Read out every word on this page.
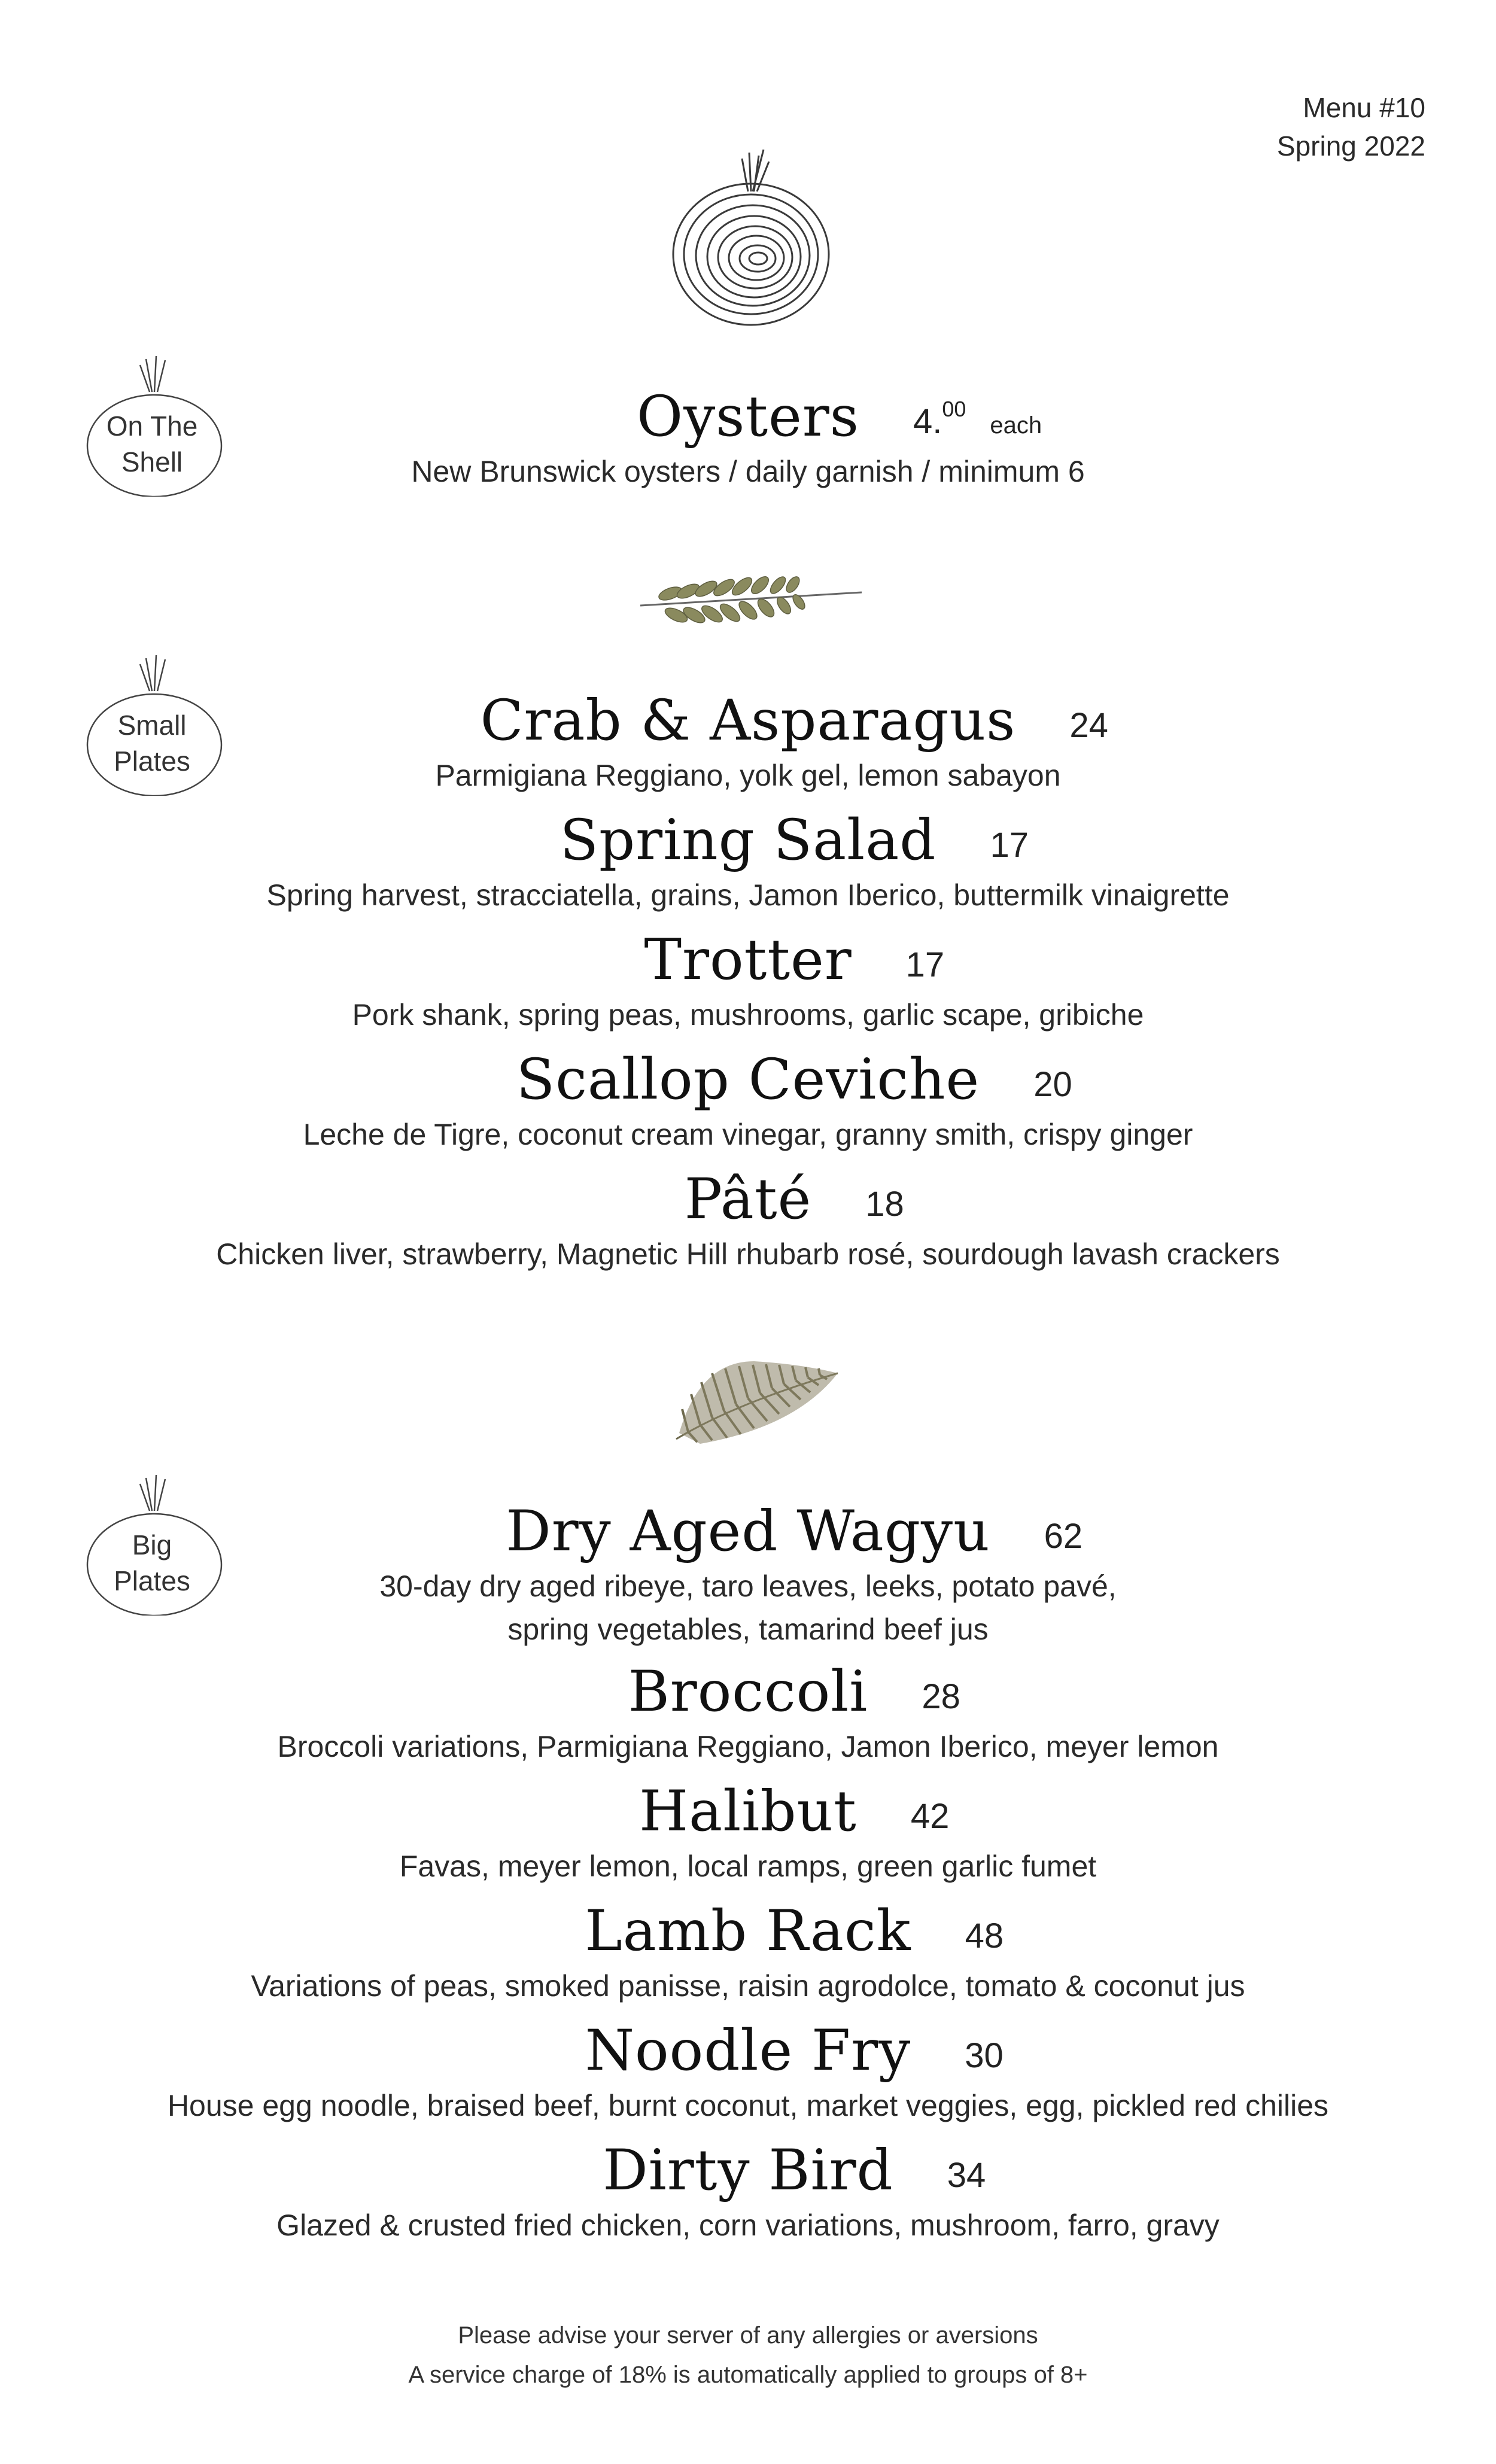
Menu #10
Spring 2022
On The
Shell
Small
Plates
Big
Plates
Oysters 4.00each
New Brunswick oysters / daily garnish / minimum 6
Crab & Asparagus 24
Parmigiana Reggiano, yolk gel, lemon sabayon
Spring Salad 17
Spring harvest, stracciatella, grains, Jamon Iberico, buttermilk vinaigrette
Trotter 17
Pork shank, spring peas, mushrooms, garlic scape, gribiche
Scallop Ceviche 20
Leche de Tigre, coconut cream vinegar, granny smith, crispy ginger
Pâté 18
Chicken liver, strawberry, Magnetic Hill rhubarb rosé, sourdough lavash crackers
Dry Aged Wagyu 62
30-day dry aged ribeye, taro leaves, leeks, potato pavé,
spring vegetables, tamarind beef jus
Broccoli 28
Broccoli variations, Parmigiana Reggiano, Jamon Iberico, meyer lemon
Halibut 42
Favas, meyer lemon, local ramps, green garlic fumet
Lamb Rack 48
Variations of peas, smoked panisse, raisin agrodolce, tomato & coconut jus
Noodle Fry 30
House egg noodle, braised beef, burnt coconut, market veggies, egg, pickled red chilies
Dirty Bird 34
Glazed & crusted fried chicken, corn variations, mushroom, farro, gravy
Please advise your server of any allergies or aversions
A service charge of 18% is automatically applied to groups of 8+
